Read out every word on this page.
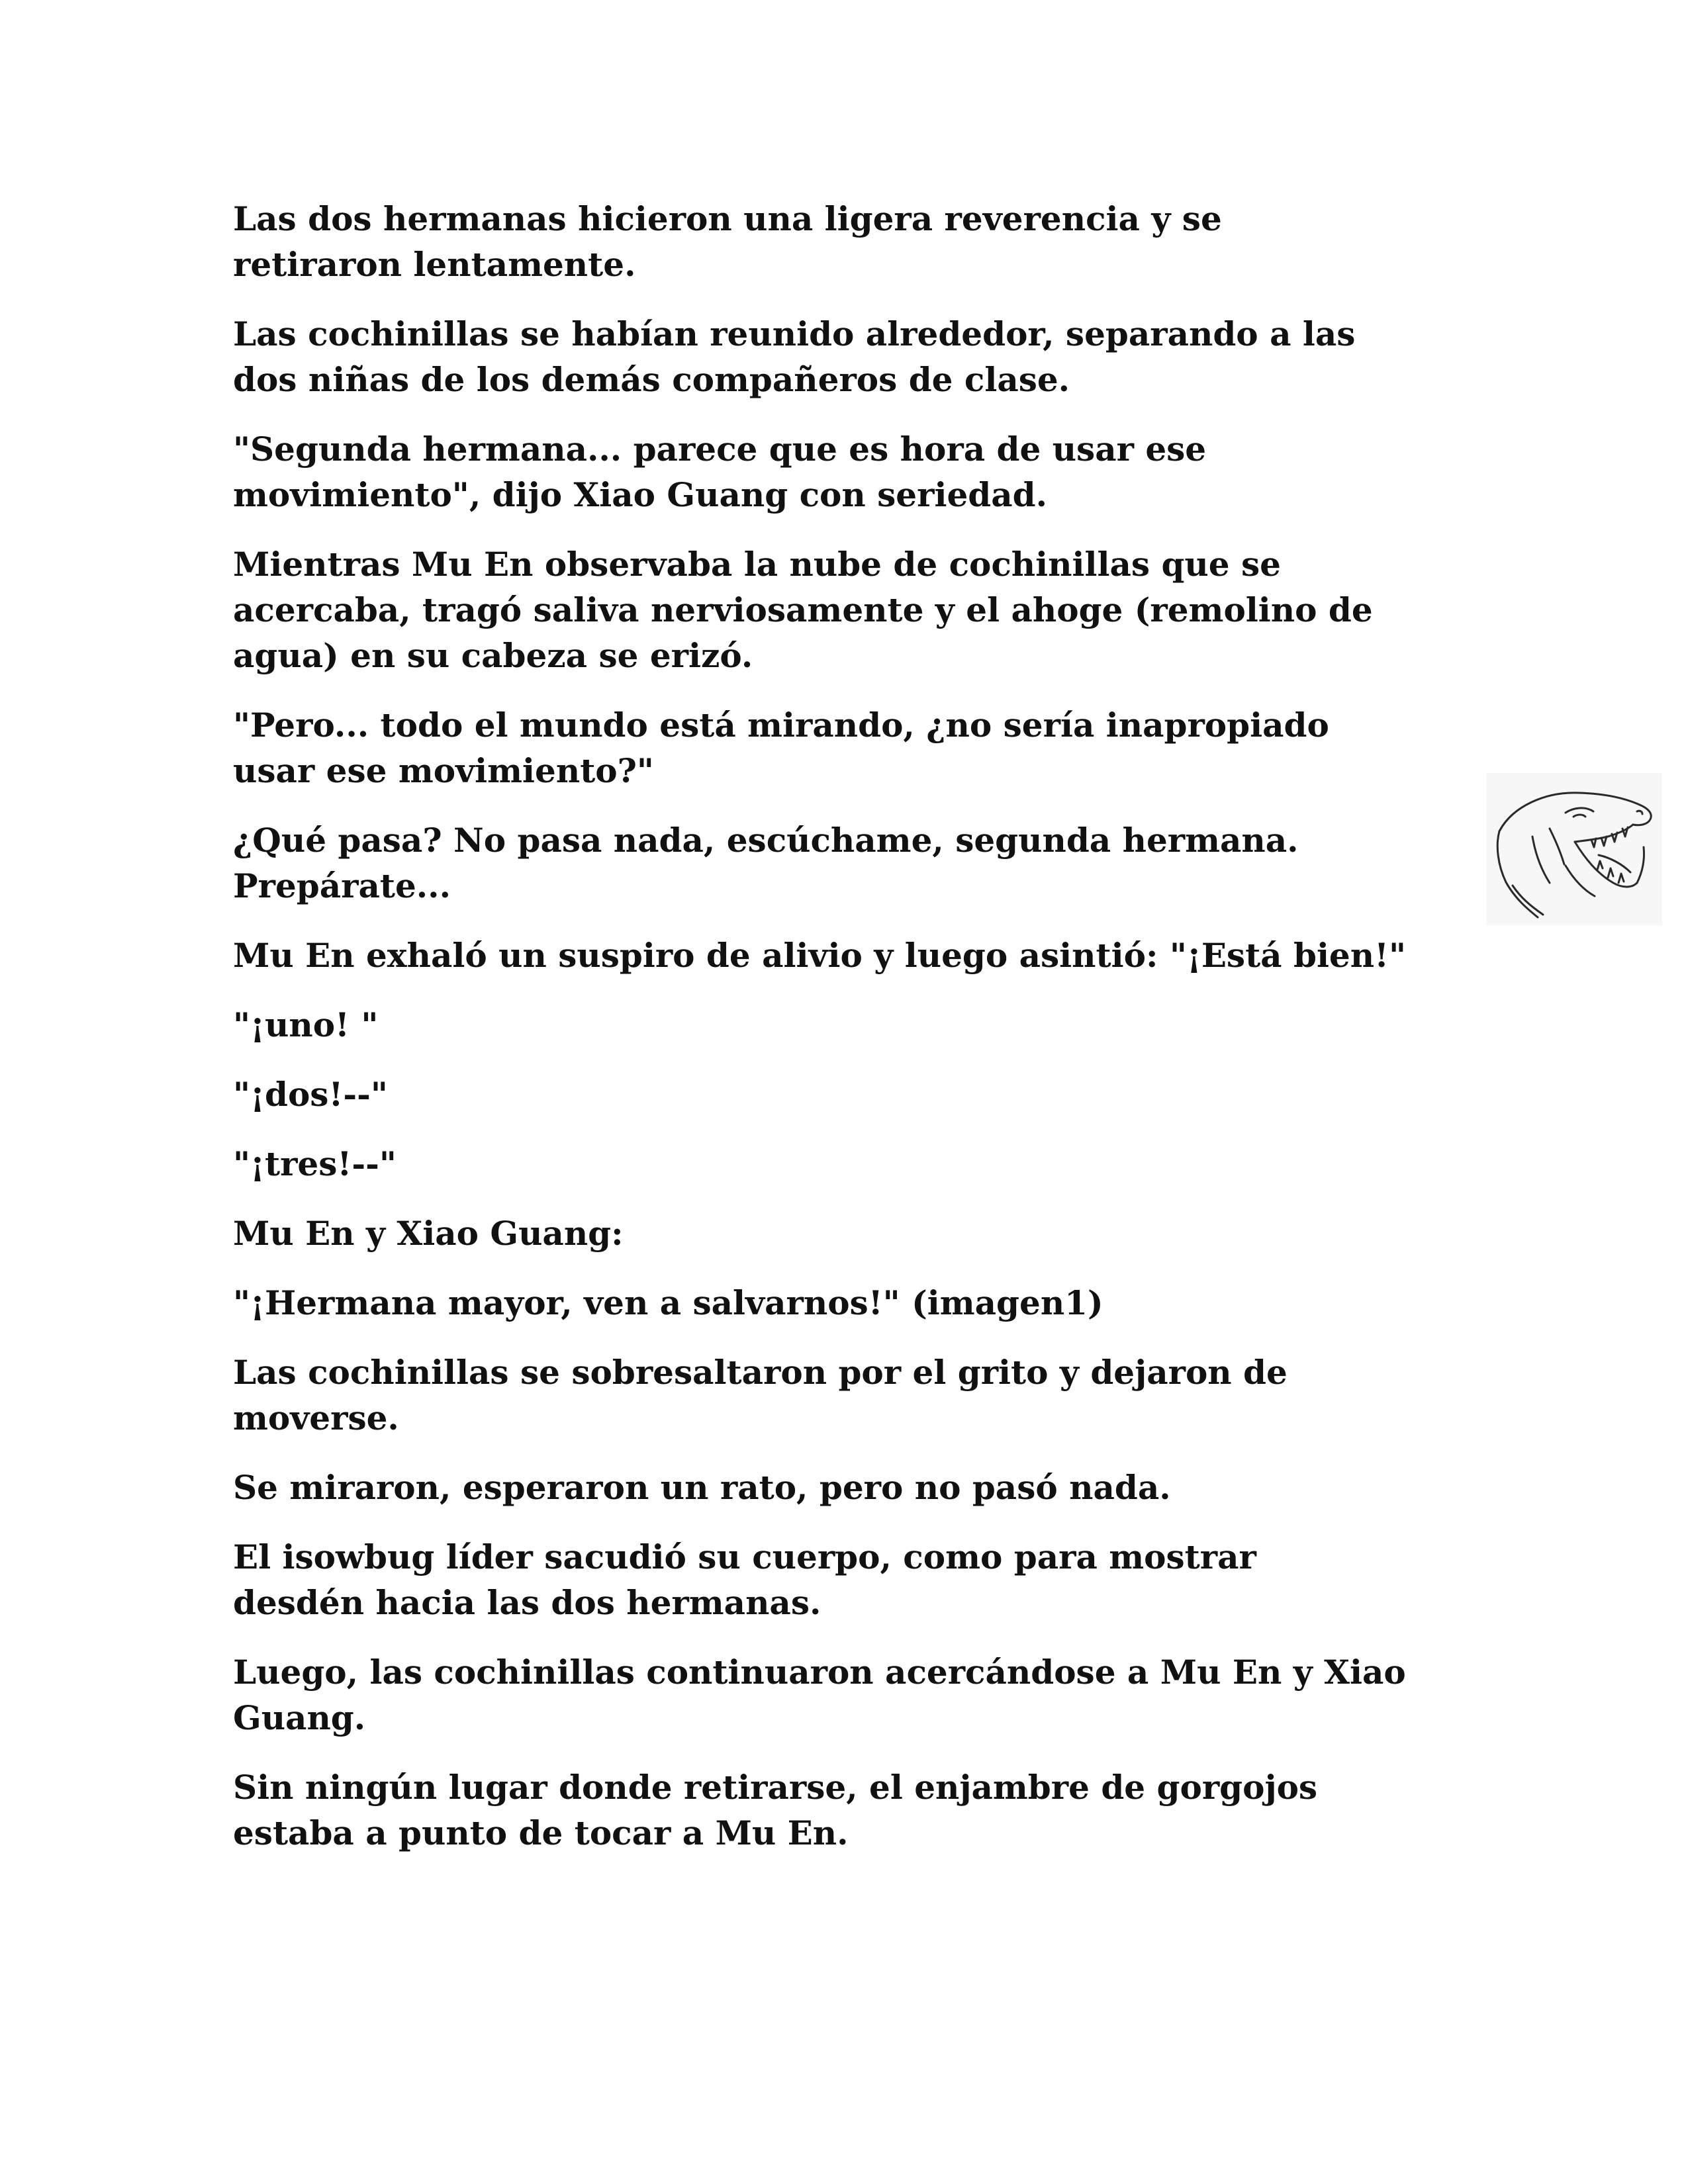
Las dos hermanas hicieron una ligera reverencia y se
retiraron lentamente.

Las cochinillas se habían reunido alrededor, separando a las
dos niñas de los demás compañeros de clase.

"Segunda hermana... parece que es hora de usar ese
movimiento", dijo Xiao Guang con seriedad.

Mientras Mu En observaba la nube de cochinillas que se
acercaba, tragó saliva nerviosamente y el ahoge (remolino de
agua) en su cabeza se erizó.

"Pero... todo el mundo está mirando, ¿no sería inapropiado
usar ese movimiento?"

¿Qué pasa? No pasa nada, escúchame, segunda hermana.
Prepárate...

Mu En exhaló un suspiro de alivio y luego asintió: "¡Está bien!"

"¡uno! "

"¡dos!--"

"¡tres!--"

Mu En y Xiao Guang:

"¡Hermana mayor, ven a salvarnos!" (imagen1)

Las cochinillas se sobresaltaron por el grito y dejaron de
moverse.

Se miraron, esperaron un rato, pero no pasó nada.

El isowbug líder sacudió su cuerpo, como para mostrar
desdén hacia las dos hermanas.

Luego, las cochinillas continuaron acercándose a Mu En y Xiao
Guang.

Sin ningún lugar donde retirarse, el enjambre de gorgojos
estaba a punto de tocar a Mu En.
